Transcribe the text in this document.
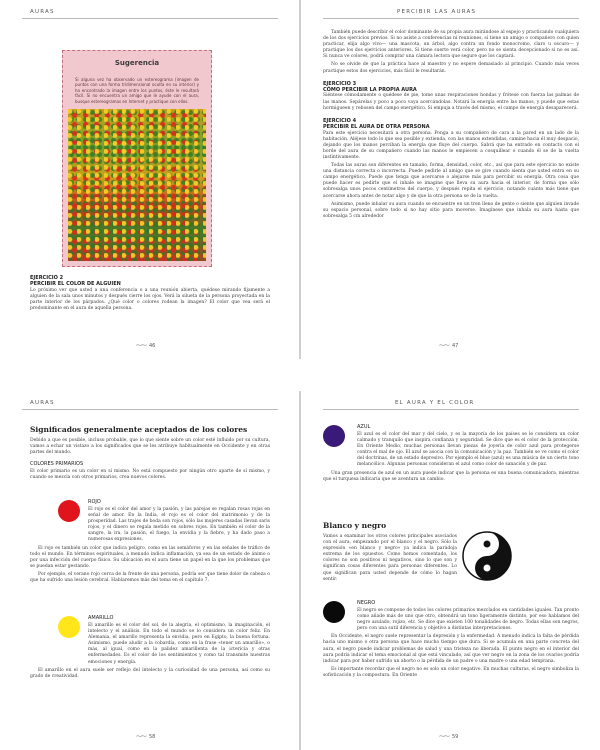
AURAS
Sugerencia
Si alguna vez ha observado un estereograma (imagen de puntos con una forma tridimensional oculta en su interior) y ha encontrado la imagen entre los puntos, éste le resultará fácil. Si no encuentra un amigo que le ayude con el aura, busque estereogramas en Internet y practique con ellos.
EJERCICIO 2
PERCIBIR EL COLOR DE ALGUIEN

Lo próximo ver que usted a una conferencia o a una reunión abierta, quédese mirando fijamente a alguien de la sala unos minutos y después cierre los ojos. Verá la silueta de la persona proyectada en la parte interior de los párpados. ¿Qué color o colores rodean la imagen? El color que vea será el predominante en el aura de aquella persona.

⁓⁓ 46
PERCIBIR LAS AURAS

También puede describir el color dominante de su propia aura mirándose al espejo y practicando cualquiera de los dos ejercicios previos. Si no asiste a conferencias ni reuniones, sí tiene un amigo o compañero con quien practicar, elija algo vivo— una mascota, un árbol, algo contra un fondo monocromo, claro u oscuro— y practique los dos ejercicios anteriores. Si tiene suerte verá color, pero no se sienta decepcionado si no es así. Si nunca ve colores, podrá comprar una cámara lectora que segure que los captará.

No se olvide de que la práctica hace al maestro y no espere demasiado al principio. Cuando más veces practique estos dos ejercicios, más fácil le resultarán.

EJERCICIO 3
CÓMO PERCIBIR LA PROPIA AURA

Siéntese cómodamente o quédese de pie, tome unas respiraciones hondas y frótese con fuerza las palmas de las manos. Sepárelas y poco a poco vaya acercándolas. Notará la energía entre las manos, y puede que estas hormigueen y rebosen del campo energético. Si empuja a través del mismo, el campo de energía desaparecerá.

EJERCICIO 4
PERCIBIR EL AURA DE OTRA PERSONA

Para este ejercicio necesitará a otra persona. Ponga a su compañero de cara a la pared en un lado de la habitación. Aléjese todo lo que sea posible y extienda, con las manos extendidas, camine hacia él muy despacio, dejando que los manos perciban la energía que fluye del cuerpo. Sabrá que ha entrado en contacto con el borde del aura de su compañero cuando las manos le empiecen a cosquillear o cuando él se de la vuelta instintivamente.

Todas las auras son diferentes en tamaño, forma, densidad, color, etc., así que para este ejercicio no existe una distancia correcta o incorrecta. Puede pedirle al amigo que se gire cuando sienta que usted entra en su campo energético. Puede que tenga que acercarse o alejarse más para percibir su energía. Otra cosa que puede hacer es pedirle que el inhale se imagine que lleva su aura hacia el interior, de forma que sólo sobresalga unos pocos centímetros del cuerpo, y después repita el ejercicio, notando cuánto más tiene que acercarse ahora antes de notar algo y de que la otra persona se de la vuelta.

Asimismo, puede inhalar su aura cuando se encuentre en un tren lleno de gente o siente que alguien invade su espacio personal, sobre todo si no hay sitio para moverse. Imagínese que inhala su aura hasta que sobresalga 5 cm alrededor

⁓⁓ 47
AURAS
Significados generalmente aceptados de los colores

Debido a que es posible, incluso probable, que lo que siente sobre un color esté influido por su cultura, vamos a echar un vistazo a los significados que se les atribuye habitualmente en Occidente y en otras partes del mundo.

COLORES PRIMARIOS

El color primario es un color en sí mismo. No está compuesto por ningún otro aparte de sí mismo, y cuando se mezcla con otros primarios, crea nuevos colores.

ROJO

El rojo es el color del amor y la pasión, y las parejas se regalan rosas rojas en señal de amor. En la India, el rojo es el color del matrimonio y de la prosperidad. Las trajes de boda son rojos, sólo las mujeres casadas llevan saris rojos, y el dinero se regala metido en sobres rojos. En también el color de la sangre, la ira, la pasión, el fuego, la envidia y la fiebre, y ha dado paso a numerosas expresiones.

El rojo es también un color que indica peligro, como en las semáforos y en las señales de tráfico de todo el mundo. En términos espirituales, a menudo indica inflamación, ya sea de un estado de ánimo o por una infección del cuerpo físico. Su ubicación en el aura tiene un papel en la que los problemas que se puedan estar gestando.

Por ejemplo, el verano rojo cerca de la frente de una persona, podría ser que tiene dolor de cabeza o que ha sufrido una lesión cerebral. Hablaremos más del tema en el capítulo 7.

AMARILLO

El amarillo es el color del sol, de la alegría, el optimismo, la imaginación, el intelecto y el análisis. En todo el mundo se lo considera un color feliz. En Alemania, el amarillo representa la envidia, pero en Egipto, la buena fortuna. Asimismo, puede aludir a la cobardía, como en la frase «tener un amarillo», o más, al igual, como en la palidez amarillenta de la ictericia y otras enfermedades. Es el color de los sentimientos y como tal transmite nuestras emociones y energía.

El amarillo en el aura suele ser reflejo del intelecto y la curiosidad de una persona, así como su grado de creatividad.

⁓⁓ 58
EL AURA Y EL COLOR
AZUL

El azul es el color del mar y del cielo, y es la mayoría de los países se le considera un color calmado y tranquilo que inspira confianza y seguridad. Se dice que es el color de la protección. En Oriente Medio, muchas personas llevan piezas de joyería de color azul para protegerse contra el mal de ojo. El azul se asocia con la comunicación y la paz. También se ve como el color del doctrinas, de un estado depresivo. Por ejemplo el blue (azul) es una música de un cierto tono melancólico. Algunas personas consideran el azul como color de sanación y de paz.

Una gran presencia de azul en un aura puede indicar que la persona es una buena comunicadora, mientras que el turquesa indicaría que se aventura un cambio.

Blanco y negro

Vamos a examinar los otros colores principales asociados con el aura, empezando por el blanco y el negro. Sólo la expresión «en blanco y negro» ya indica la paradoja extrema de los opuestos. Como hemos comentado, los colores no son positivos ni negativos, sino lo que son y significan cosas diferentes para personas diferentes. Lo que significan para usted depende de cómo lo hagan sentir.

NEGRO

El negro se compone de todos los colores primarios mezclados en cantidades iguales. Tan pronto como añade más de uno que otro, obtendrá un tono ligeramente distinto, por eso hablamos del negro azulado, rojizo, etc. Se dice que existen 100 tonalidades de negro. Todas ellas son negros, pero con una sutil diferencia y objetivo a distintas interpretaciones.

En Occidente, el negro suele representar la depresión y la enfermedad. A menudo indica la falta de pérdida hacia uno mismo o otra persona que hace mucho tiempo que dura. Si se acumula en una parte concreta del aura, el negro puede indicar problemas de salud y una tristeza no liberada. El punto negro en el interior del aura podría indicar el tema emocional al que está vinculado, así que ver negro en la zona de los ovarios podría indicar para por haber sufrido un aborto o la pérdida de un padre o una madre o una edad temprana.

Es importante recordar que el negro no es solo un color negativo. En muchas culturas, el negro simboliza la sofisticación y la compostura. En Oriente

⁓⁓ 59
